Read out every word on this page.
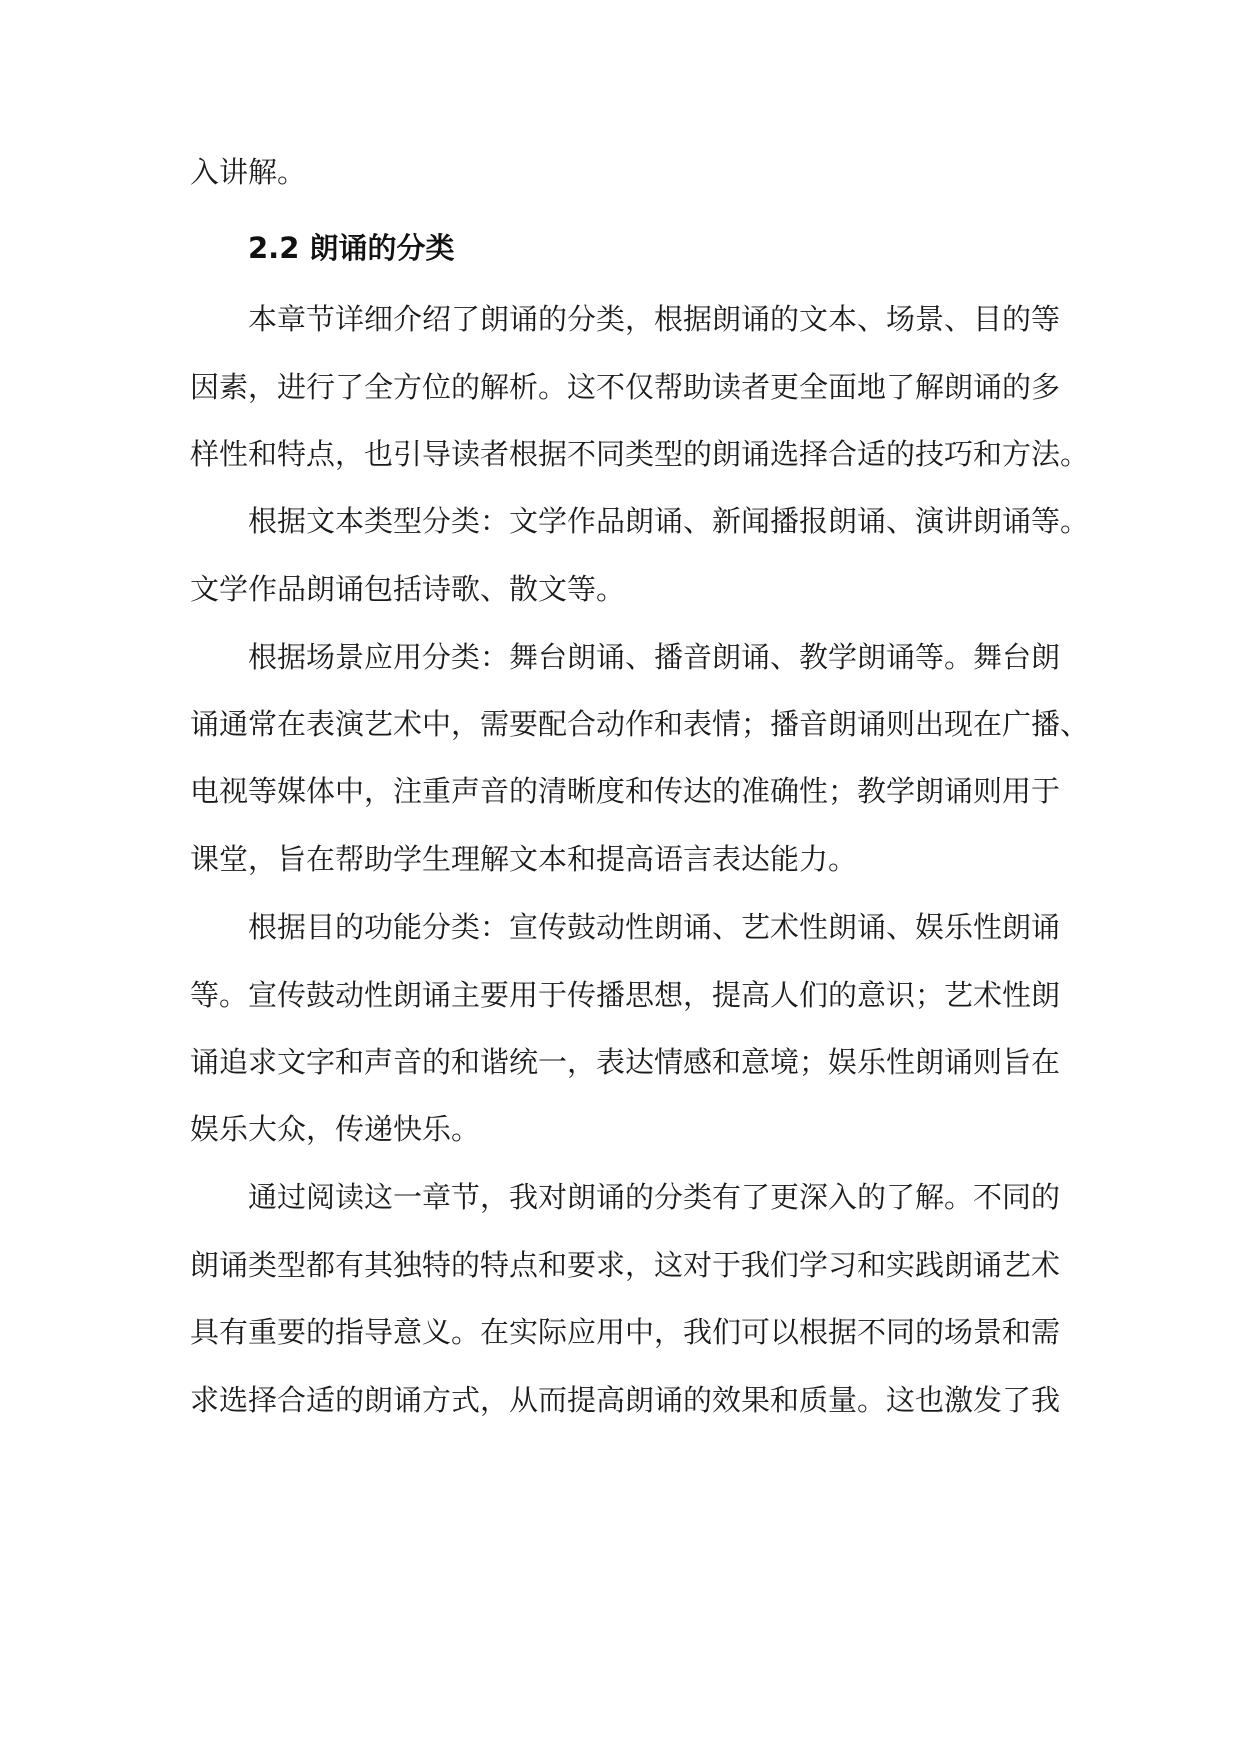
入讲解。
2.2 朗诵的分类
本章节详细介绍了朗诵的分类，根据朗诵的文本、场景、目的等
因素，进行了全方位的解析。这不仅帮助读者更全面地了解朗诵的多
样性和特点，也引导读者根据不同类型的朗诵选择合适的技巧和方法。
根据文本类型分类：文学作品朗诵、新闻播报朗诵、演讲朗诵等。
文学作品朗诵包括诗歌、散文等。
根据场景应用分类：舞台朗诵、播音朗诵、教学朗诵等。舞台朗
诵通常在表演艺术中，需要配合动作和表情；播音朗诵则出现在广播、
电视等媒体中，注重声音的清晰度和传达的准确性；教学朗诵则用于
课堂，旨在帮助学生理解文本和提高语言表达能力。
根据目的功能分类：宣传鼓动性朗诵、艺术性朗诵、娱乐性朗诵
等。宣传鼓动性朗诵主要用于传播思想，提高人们的意识；艺术性朗
诵追求文字和声音的和谐统一，表达情感和意境；娱乐性朗诵则旨在
娱乐大众，传递快乐。
通过阅读这一章节，我对朗诵的分类有了更深入的了解。不同的
朗诵类型都有其独特的特点和要求，这对于我们学习和实践朗诵艺术
具有重要的指导意义。在实际应用中，我们可以根据不同的场景和需
求选择合适的朗诵方式，从而提高朗诵的效果和质量。这也激发了我
